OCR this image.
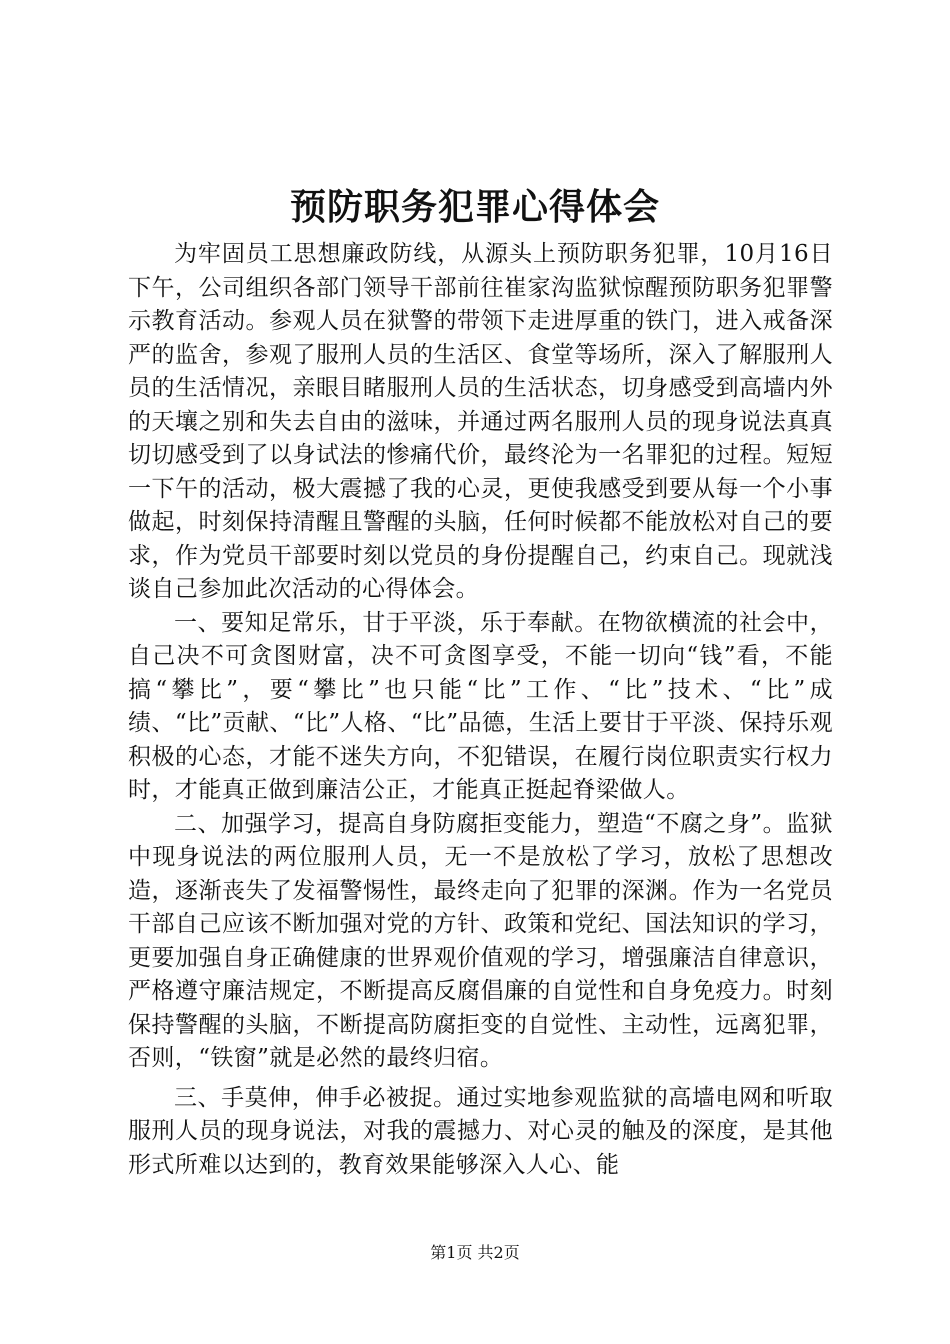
预防职务犯罪心得体会

为牢固员工思想廉政防线，从源头上预防职务犯罪，10月16日下午，公司组织各部门领导干部前往崔家沟监狱惊醒预防职务犯罪警示教育活动。参观人员在狱警的带领下走进厚重的铁门，进入戒备深严的监舍，参观了服刑人员的生活区、食堂等场所，深入了解服刑人员的生活情况，亲眼目睹服刑人员的生活状态，切身感受到高墙内外的天壤之别和失去自由的滋味，并通过两名服刑人员的现身说法真真切切感受到了以身试法的惨痛代价，最终沦为一名罪犯的过程。短短一下午的活动，极大震撼了我的心灵，更使我感受到要从每一个小事做起，时刻保持清醒且警醒的头脑，任何时候都不能放松对自己的要求，作为党员干部要时刻以党员的身份提醒自己，约束自己。现就浅谈自己参加此次活动的心得体会。

一、要知足常乐，甘于平淡，乐于奉献。在物欲横流的社会中，自己决不可贪图财富，决不可贪图享受，不能一切向“钱”看，不能搞“攀比”，要“攀比”也只能“比”工作、“比”技术、“比”成绩、“比”贡献、“比”人格、“比”品德，生活上要甘于平淡、保持乐观积极的心态，才能不迷失方向，不犯错误，在履行岗位职责实行权力时，才能真正做到廉洁公正，才能真正挺起脊梁做人。

二、加强学习，提高自身防腐拒变能力，塑造“不腐之身”。监狱中现身说法的两位服刑人员，无一不是放松了学习，放松了思想改造，逐渐丧失了发福警惕性，最终走向了犯罪的深渊。作为一名党员干部自己应该不断加强对党的方针、政策和党纪、国法知识的学习，更要加强自身正确健康的世界观价值观的学习，增强廉洁自律意识，严格遵守廉洁规定，不断提高反腐倡廉的自觉性和自身免疫力。时刻保持警醒的头脑，不断提高防腐拒变的自觉性、主动性，远离犯罪，否则，“铁窗”就是必然的最终归宿。

三、手莫伸，伸手必被捉。通过实地参观监狱的高墙电网和听取服刑人员的现身说法，对我的震撼力、对心灵的触及的深度，是其他形式所难以达到的，教育效果能够深入人心、能

第1页 共2页
